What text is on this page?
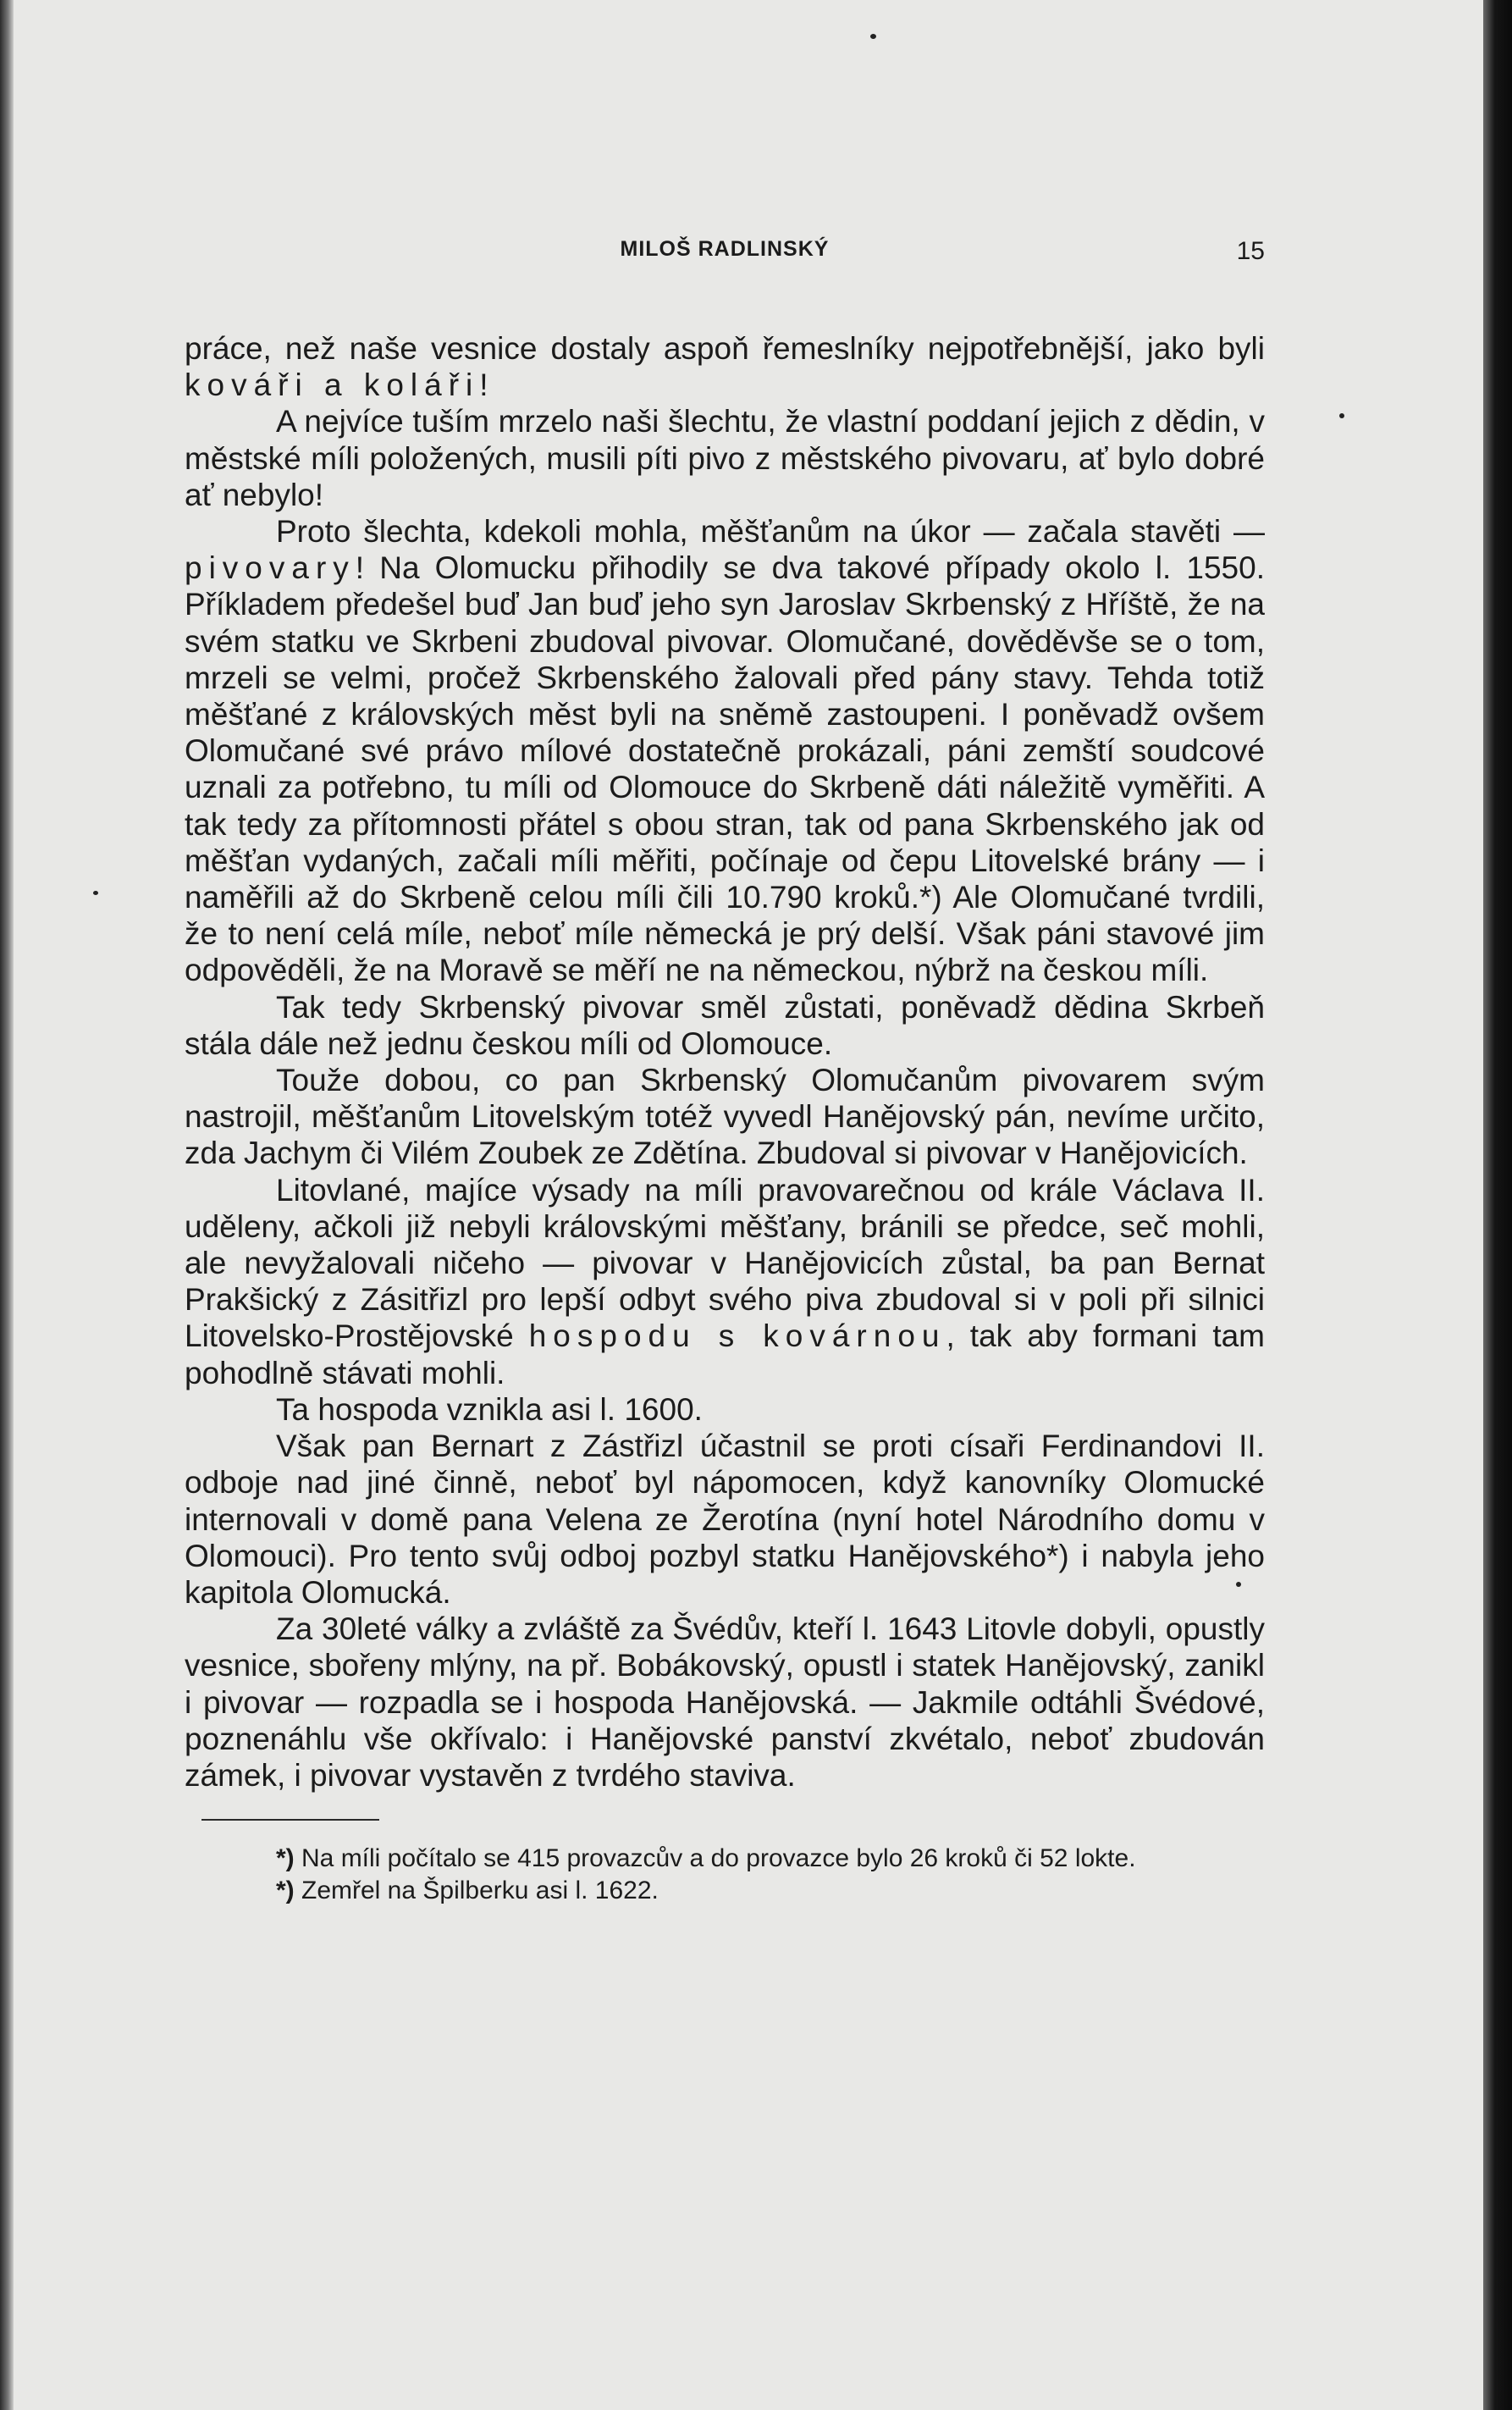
MILOŠ RADLINSKÝ	15

práce, než naše vesnice dostaly aspoň řemeslníky nejpotřebnější, jako byli kováři a koláři!

A nejvíce tuším mrzelo naši šlechtu, že vlastní poddaní jejich z dědin, v městské míli položených, musili píti pivo z městského pivovaru, ať bylo dobré ať nebylo!

Proto šlechta, kdekoli mohla, měšťanům na úkor — začala stavěti — pivovary! Na Olomucku přihodily se dva takové případy okolo l. 1550. Příkladem předešel buď Jan buď jeho syn Jaroslav Skrbenský z Hříště, že na svém statku ve Skrbeni zbudoval pivovar. Olomučané, dověděvše se o tom, mrzeli se velmi, pročež Skrbenského žalovali před pány stavy. Tehda totiž měšťané z královských měst byli na sněmě zastoupeni. I poněvadž ovšem Olomučané své právo mílové dostatečně prokázali, páni zemští soudcové uznali za potřebno, tu míli od Olomouce do Skrbeně dáti náležitě vyměřiti. A tak tedy za přítomnosti přátel s obou stran, tak od pana Skrbenského jak od měšťan vydaných, začali míli měřiti, počínaje od čepu Litovelské brány — i naměřili až do Skrbeně celou míli čili 10.790 kroků.*) Ale Olomučané tvrdili, že to není celá míle, neboť míle německá je prý delší. Však páni stavové jim odpověděli, že na Moravě se měří ne na německou, nýbrž na českou míli.

Tak tedy Skrbenský pivovar směl zůstati, poněvadž dědina Skrbeň stála dále než jednu českou míli od Olomouce.

Touže dobou, co pan Skrbenský Olomučanům pivovarem svým nastrojil, měšťanům Litovelským totéž vyvedl Hanějovský pán, nevíme určito, zda Jachym či Vilém Zoubek ze Zdětína. Zbudoval si pivovar v Hanějovicích.

Litovlané, majíce výsady na míli pravovarečnou od krále Václava II. uděleny, ačkoli již nebyli královskými měšťany, bránili se předce, seč mohli, ale nevyžalovali ničeho — pivovar v Hanějovicích zůstal, ba pan Bernat Prakšický z Zásitřizl pro lepší odbyt svého piva zbudoval si v poli při silnici Litovelsko-Prostějovské hospodu s kovárnou, tak aby formani tam pohodlně stávati mohli.

Ta hospoda vznikla asi l. 1600.

Však pan Bernart z Zástřizl účastnil se proti císaři Ferdinandovi II. odboje nad jiné činně, neboť byl nápomocen, když kanovníky Olomucké internovali v domě pana Velena ze Žerotína (nyní hotel Národního domu v Olomouci). Pro tento svůj odboj pozbyl statku Hanějovského*) i nabyla jeho kapitola Olomucká.

Za 30leté války a zvláště za Švédův, kteří l. 1643 Litovle dobyli, opustly vesnice, sbořeny mlýny, na př. Bobákovský, opustl i statek Hanějovský, zanikl i pivovar — rozpadla se i hospoda Hanějovská. — Jakmile odtáhli Švédové, poznenáhlu vše okřívalo: i Hanějovské panství zkvétalo, neboť zbudován zámek, i pivovar vystavěn z tvrdého staviva.

*) Na míli počítalo se 415 provazcův a do provazce bylo 26 kroků či 52 lokte.

*) Zemřel na Špilberku asi l. 1622.
